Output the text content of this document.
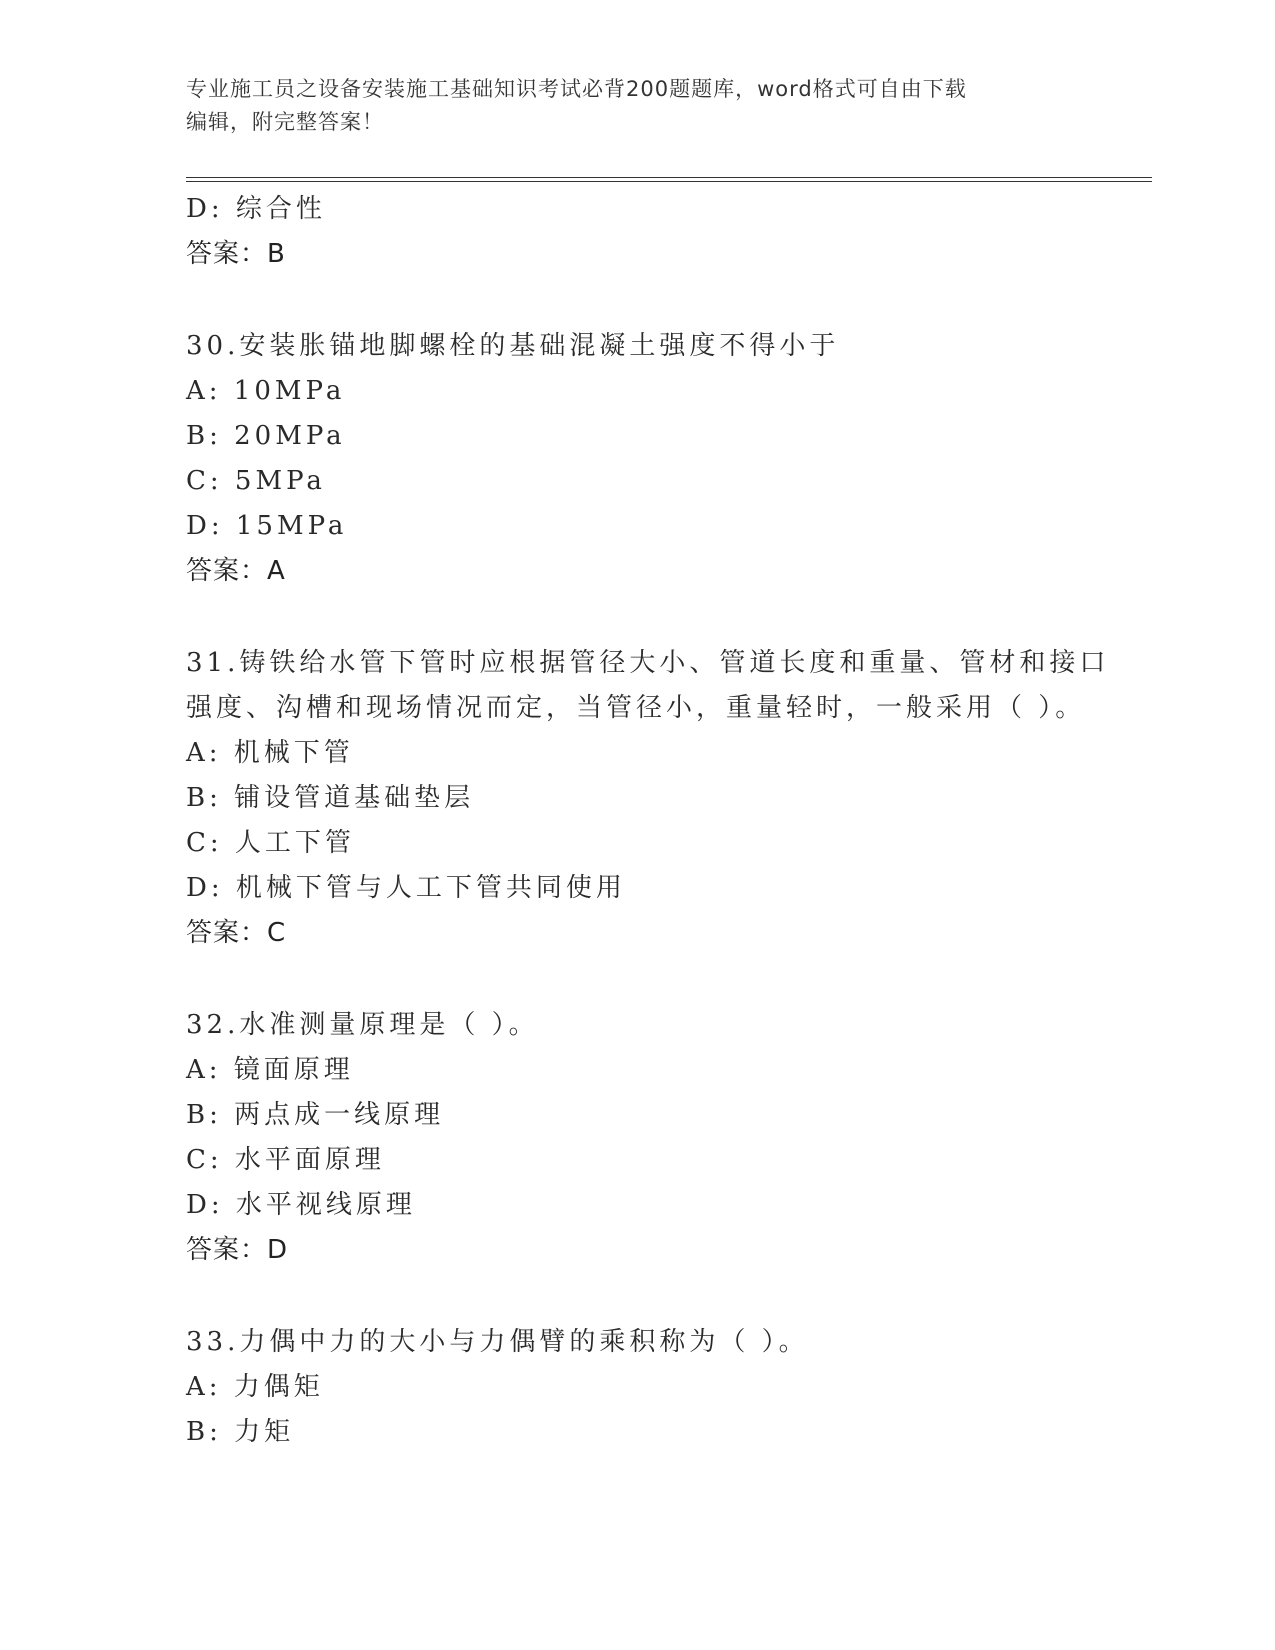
专业施工员之设备安装施工基础知识考试必背200题题库，word格式可自由下载
编辑，附完整答案！
D: 综合性
答案：B
30.安装胀锚地脚螺栓的基础混凝土强度不得小于
A: 10MPa
B: 20MPa
C: 5MPa
D: 15MPa
答案：A
31.铸铁给水管下管时应根据管径大小、管道长度和重量、管材和接口
强度、沟槽和现场情况而定，当管径小，重量轻时，一般采用（ ）。
A: 机械下管
B: 铺设管道基础垫层
C: 人工下管
D: 机械下管与人工下管共同使用
答案：C
32.水准测量原理是（ ）。
A: 镜面原理
B: 两点成一线原理
C: 水平面原理
D: 水平视线原理
答案：D
33.力偶中力的大小与力偶臂的乘积称为（ ）。
A: 力偶矩
B: 力矩
